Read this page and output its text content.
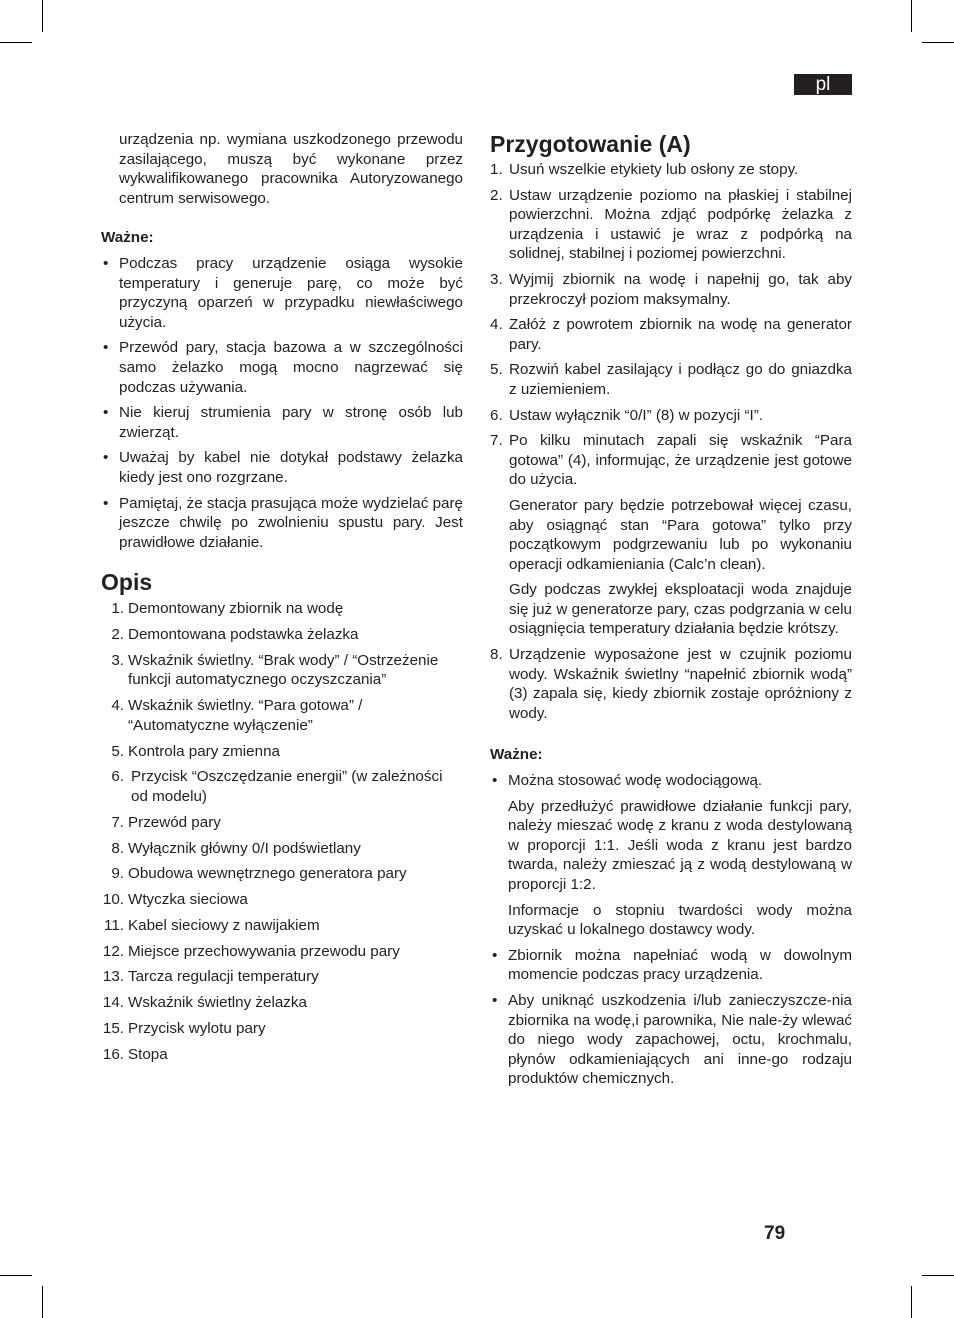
pl

urządzenia np. wymiana uszkodzonego przewodu zasilającego, muszą być wykonane przez wykwalifikowanego pracownika Autoryzowanego centrum serwisowego.

Ważne:

• Podczas pracy urządzenie osiąga wysokie temperatury i generuje parę, co może być przyczyną oparzeń w przypadku niewłaściwego użycia.
• Przewód pary, stacja bazowa a w szczególności samo żelazko mogą mocno nagrzewać się podczas używania.
• Nie kieruj strumienia pary w stronę osób lub zwierząt.
• Uważaj by kabel nie dotykał podstawy żelazka kiedy jest ono rozgrzane.
• Pamiętaj, że stacja prasująca może wydzielać parę jeszcze chwilę po zwolnieniu spustu pary. Jest prawidłowe działanie.
Opis
1. Demontowany zbiornik na wodę
2. Demontowana podstawka żelazka
3. Wskaźnik świetlny. “Brak wody” / “Ostrzeżenie funkcji automatycznego oczyszczania”
4. Wskaźnik świetlny. “Para gotowa” / “Automatyczne wyłączenie”
5. Kontrola pary zmienna
6. Przycisk “Oszczędzanie energii” (w zależności od modelu)
7. Przewód pary
8. Wyłącznik główny 0/I podświetlany
9. Obudowa wewnętrznego generatora pary
10. Wtyczka sieciowa
11. Kabel sieciowy z nawijakiem
12. Miejsce przechowywania przewodu pary
13. Tarcza regulacji temperatury
14. Wskaźnik świetlny żelazka
15. Przycisk wylotu pary
16. Stopa
Przygotowanie (A)
1. Usuń wszelkie etykiety lub osłony ze stopy.
2. Ustaw urządzenie poziomo na płaskiej i stabilnej powierzchni. Można zdjąć podpórkę żelazka z urządzenia i ustawić je wraz z podpórką na solidnej, stabilnej i poziomej powierzchni.
3. Wyjmij zbiornik na wodę i napełnij go, tak aby przekroczył poziom maksymalny.
4. Załóż z powrotem zbiornik na wodę na generator pary.
5. Rozwiń kabel zasilający i podłącz go do gniazdka z uziemieniem.
6. Ustaw wyłącznik “0/I” (8) w pozycji “I”.
7. Po kilku minutach zapali się wskaźnik “Para gotowa” (4), informując, że urządzenie jest gotowe do użycia.

Generator pary będzie potrzebował więcej czasu, aby osiągnąć stan “Para gotowa” tylko przy początkowym podgrzewaniu lub po wykonaniu operacji odkamieniania (Calc’n clean).

Gdy podczas zwykłej eksploatacji woda znajduje się już w generatorze pary, czas podgrzania w celu osiągnięcia temperatury działania będzie krótszy.

8. Urządzenie wyposażone jest w czujnik poziomu wody. Wskaźnik świetlny “napełnić zbiornik wodą” (3) zapala się, kiedy zbiornik zostaje opróżniony z wody.

Ważne:

• Można stosować wodę wodociągową.

Aby przedłużyć prawidłowe działanie funkcji pary, należy mieszać wodę z kranu z woda destylowaną w proporcji 1:1. Jeśli woda z kranu jest bardzo twarda, należy zmieszać ją z wodą destylowaną w proporcji 1:2.

Informacje o stopniu twardości wody można uzyskać u lokalnego dostawcy wody.

• Zbiornik można napełniać wodą w dowolnym momencie podczas pracy urządzenia.
• Aby uniknąć uszkodzenia i/lub zanieczyszcze-nia zbiornika na wodę,i parownika, Nie nale-ży wlewać do niego wody zapachowej, octu, krochmalu, płynów odkamieniających ani inne-go rodzaju produktów chemicznych.
79
